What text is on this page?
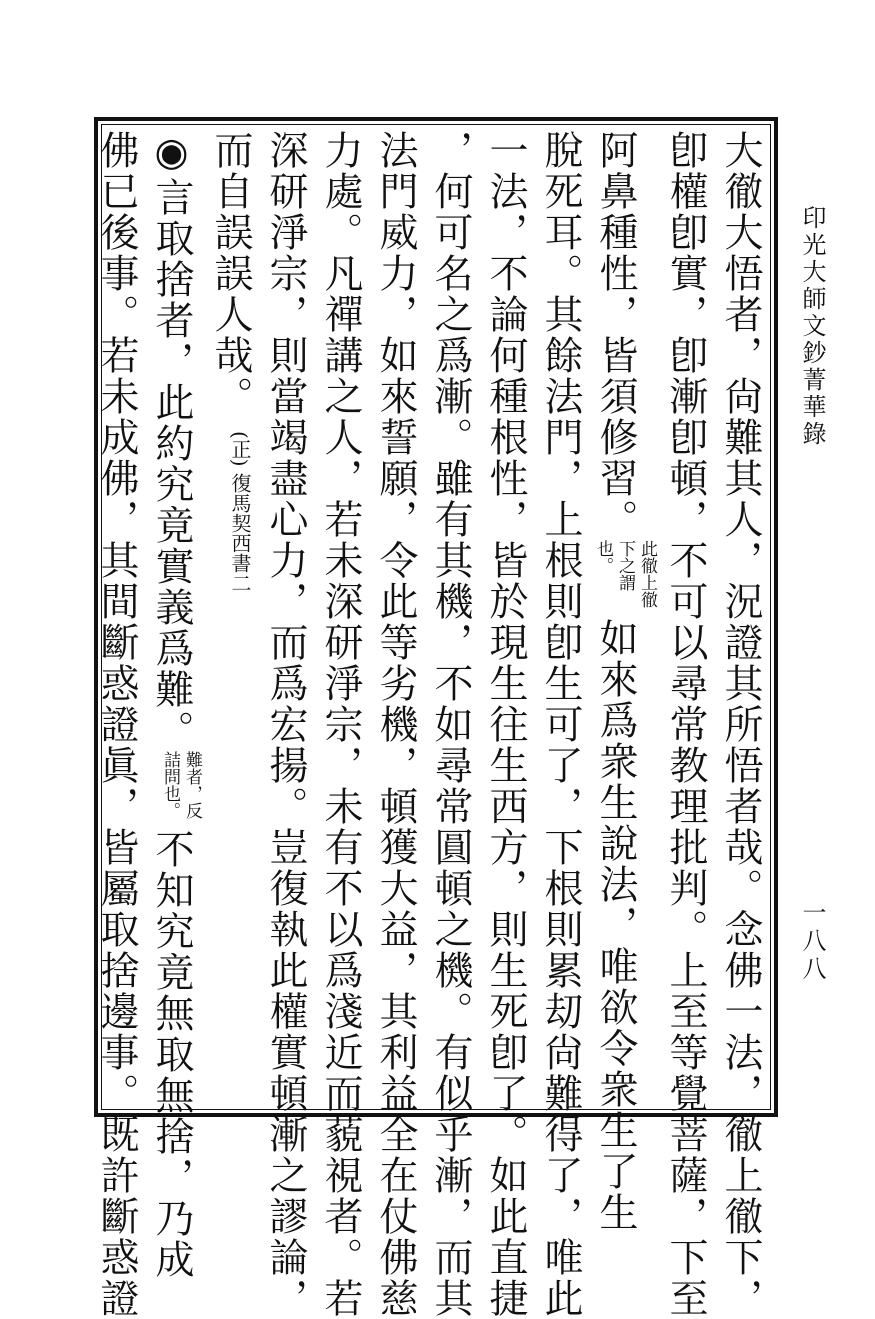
印光大師文鈔菁華錄
一八八
大徹大悟者，尙難其人，況證其所悟者哉。念佛一法，徹上徹下，
卽權卽實，卽漸卽頓，不可以尋常教理批判。上至等覺菩薩，下至
阿鼻種性，皆須修習。此徹上徹下之謂也。如來爲衆生說法，唯欲令衆生了生
脫死耳。其餘法門，上根則卽生可了，下根則累刧尙難得了，唯此
一法，不論何種根性，皆於現生往生西方，則生死卽了。如此直捷
，何可名之爲漸。雖有其機，不如尋常圓頓之機。有似乎漸，而其
法門威力，如來誓願，令此等劣機，頓獲大益，其利益全在仗佛慈
力處。凡禪講之人，若未深研淨宗，未有不以爲淺近而藐視者。若
深研淨宗，則當竭盡心力，而爲宏揚。豈復執此權實頓漸之謬論，
而自誤誤人哉。(正) 復馬契西書二
◉言取捨者，此約究竟實義爲難。難者，反詰問也。不知究竟無取無捨，乃成
佛已後事。若未成佛，其間斷惑證眞，皆屬取捨邊事。既許斷惑證
